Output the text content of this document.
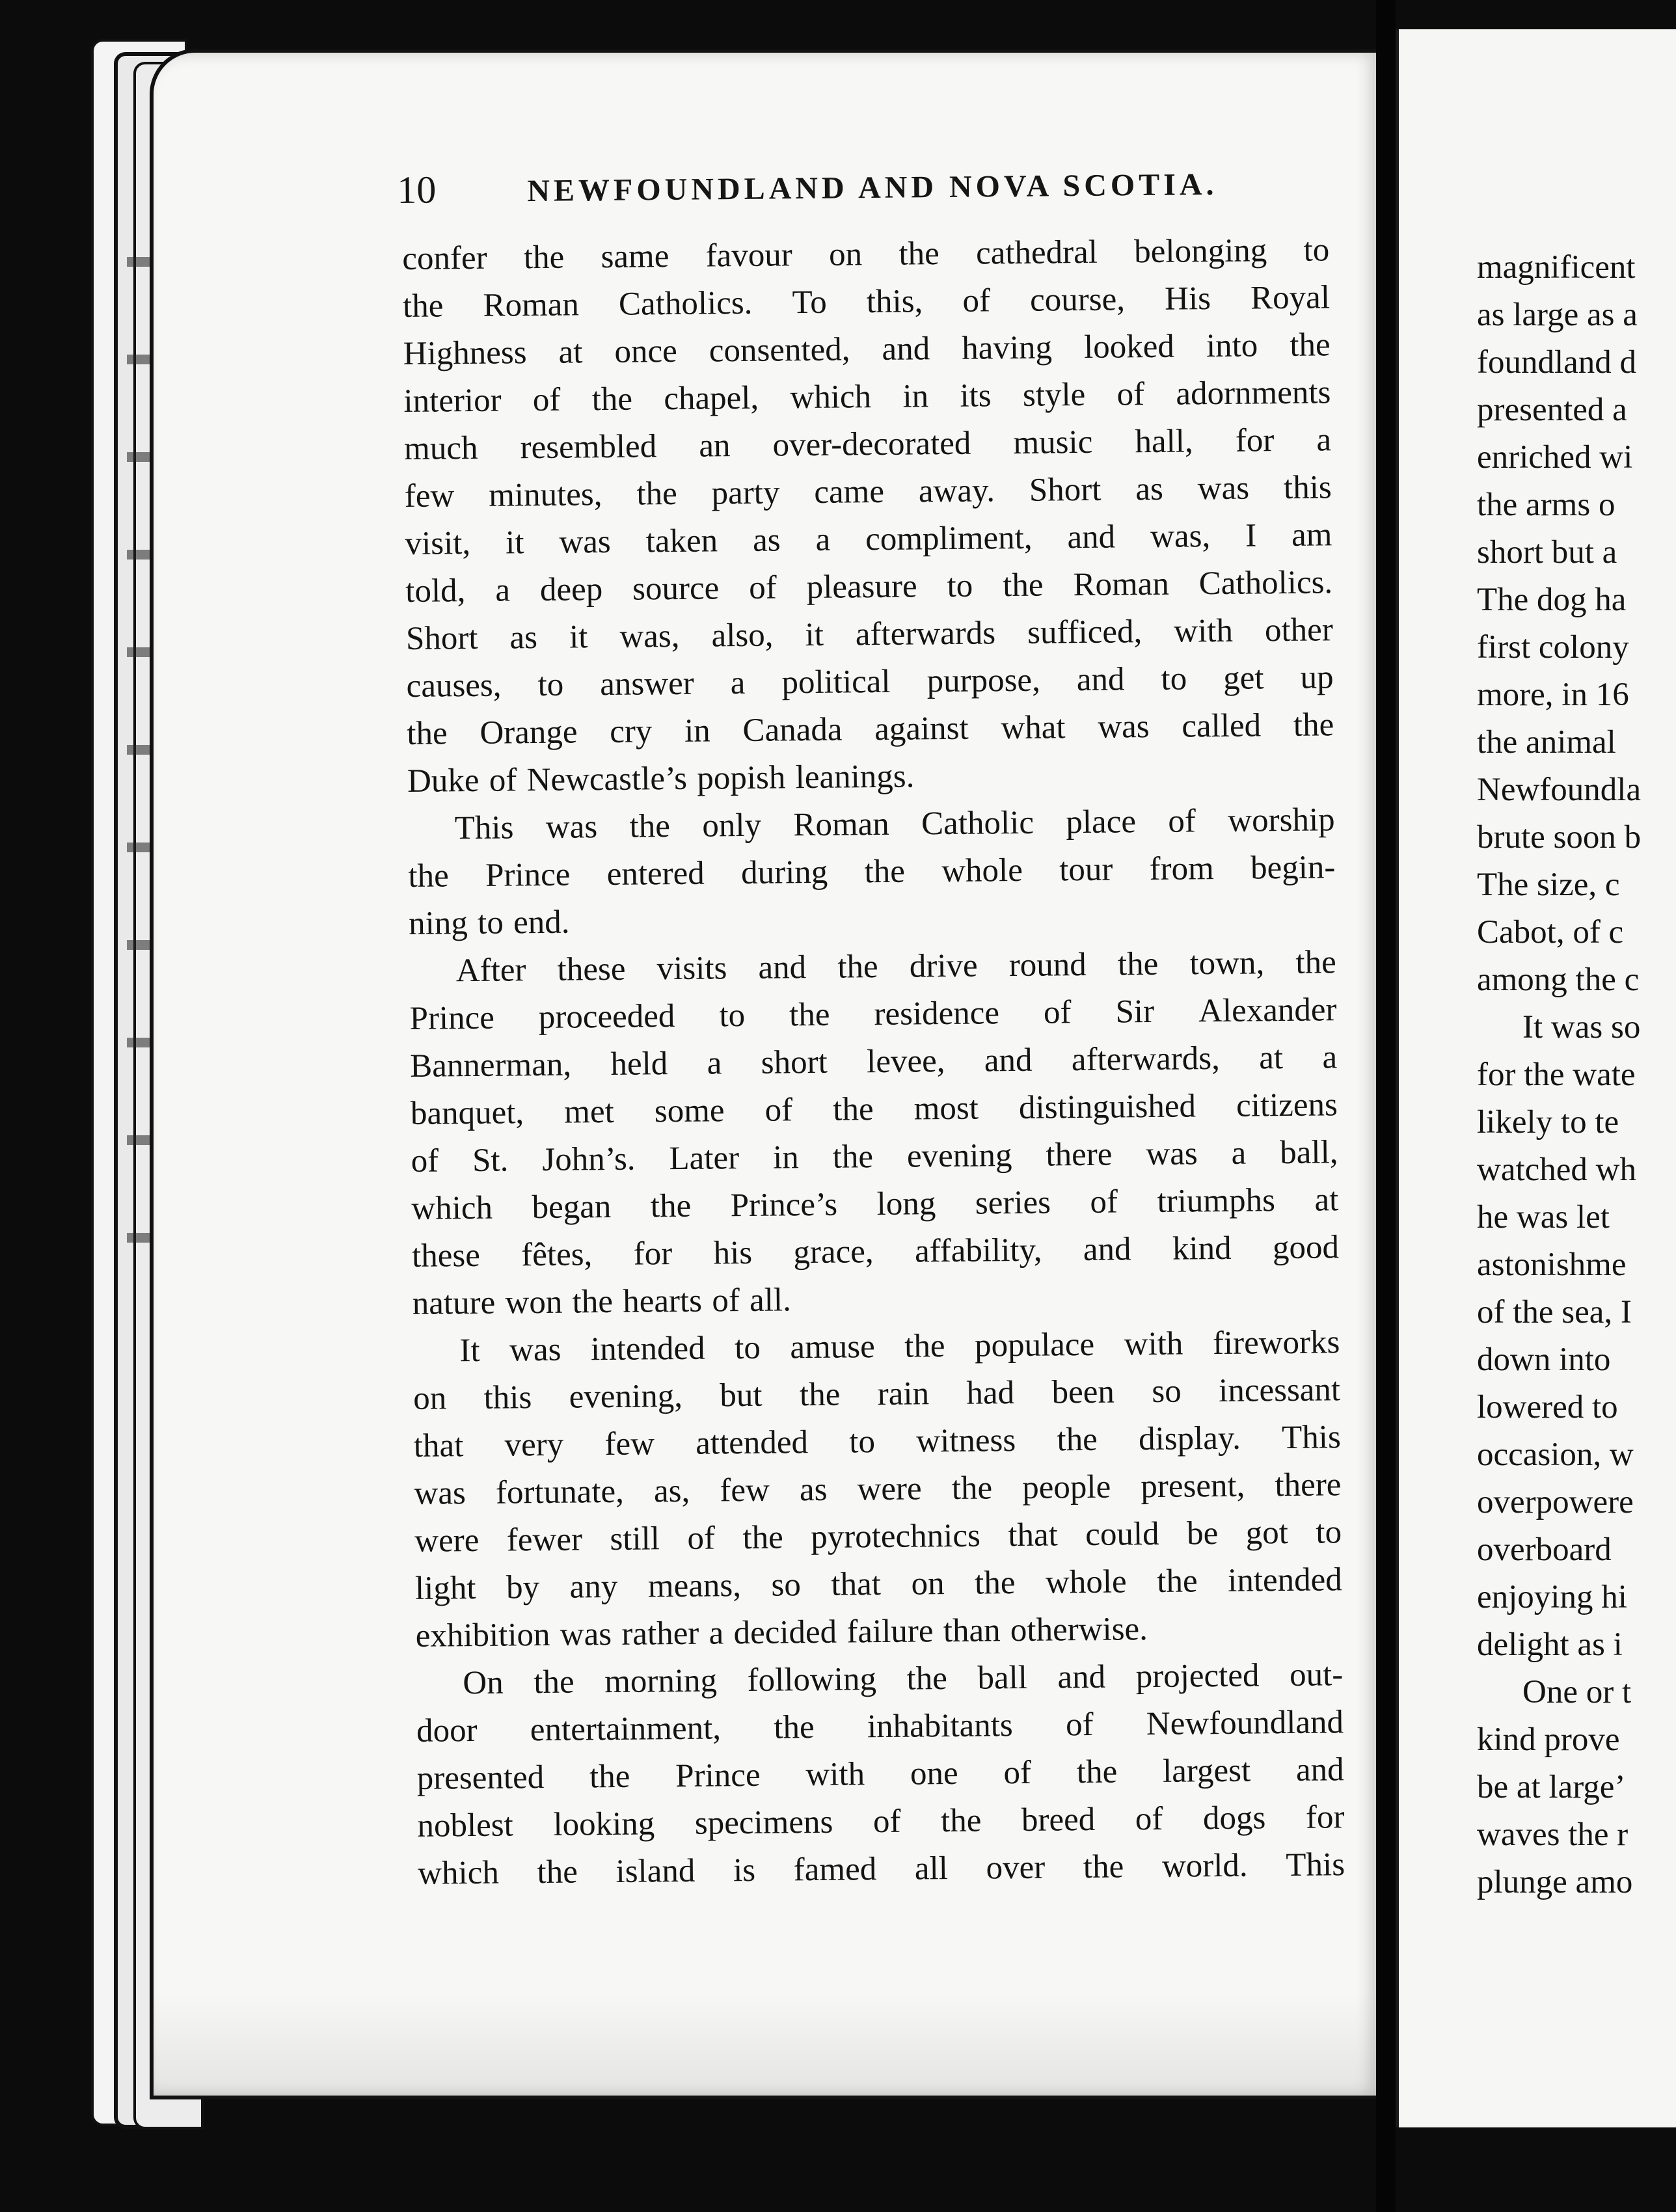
10	NEWFOUNDLAND AND NOVA SCOTIA.
confer the same favour on the cathedral belonging to
the Roman Catholics. To this, of course, His Royal
Highness at once consented, and having looked into the
interior of the chapel, which in its style of adornments
much resembled an over-decorated music hall, for a
few minutes, the party came away. Short as was this
visit, it was taken as a compliment, and was, I am
told, a deep source of pleasure to the Roman Catholics.
Short as it was, also, it afterwards sufficed, with other
causes, to answer a political purpose, and to get up
the Orange cry in Canada against what was called the
Duke of Newcastle’s popish leanings.
This was the only Roman Catholic place of worship
the Prince entered during the whole tour from begin-
ning to end.
After these visits and the drive round the town, the
Prince proceeded to the residence of Sir Alexander
Bannerman, held a short levee, and afterwards, at a
banquet, met some of the most distinguished citizens
of St. John’s. Later in the evening there was a ball,
which began the Prince’s long series of triumphs at
these fêtes, for his grace, affability, and kind good
nature won the hearts of all.
It was intended to amuse the populace with fireworks
on this evening, but the rain had been so incessant
that very few attended to witness the display. This
was fortunate, as, few as were the people present, there
were fewer still of the pyrotechnics that could be got to
light by any means, so that on the whole the intended
exhibition was rather a decided failure than otherwise.
On the morning following the ball and projected out-
door entertainment, the inhabitants of Newfoundland
presented the Prince with one of the largest and
noblest looking specimens of the breed of dogs for
which the island is famed all over the world. This
magnificent
as large as a
foundland d
presented a
enriched wi
the arms o
short but a
The dog ha
first colony
more, in 16
the animal
Newfoundla
brute soon b
The size, c
Cabot, of c
among the c
It was so
for the wate
likely to te
watched wh
he was let
astonishme
of the sea, I
down into
lowered to
occasion, w
overpowere
overboard
enjoying hi
delight as i
One or t
kind prove
be at large’
waves the r
plunge amo
